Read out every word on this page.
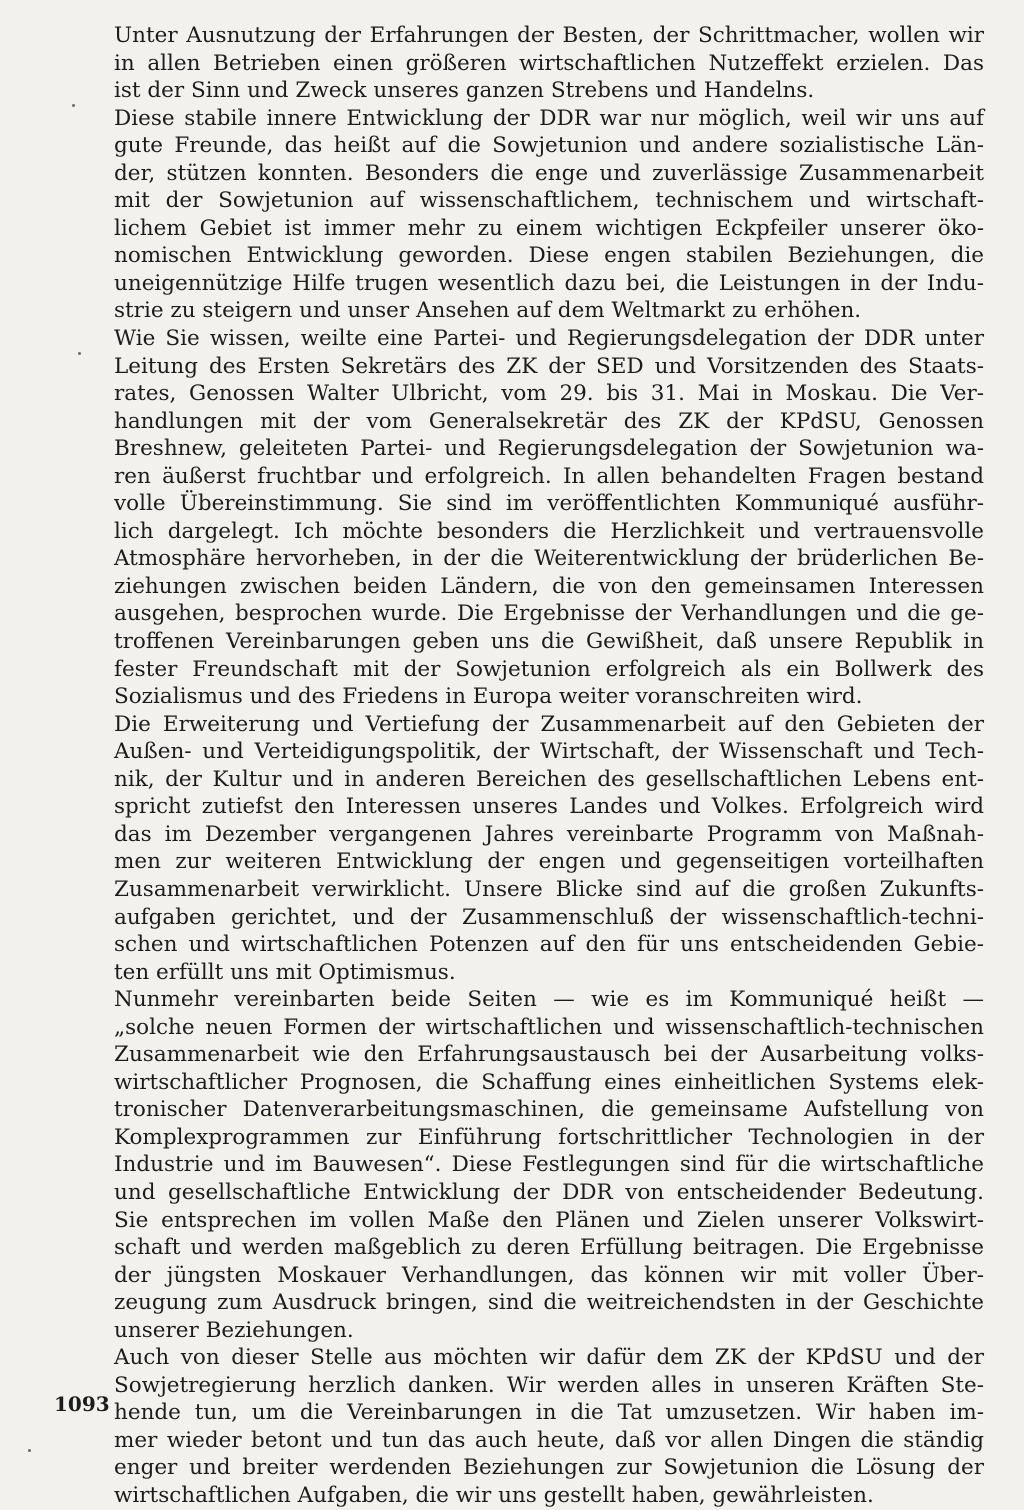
Unter Ausnutzung der Erfahrungen der Besten, der Schrittmacher, wollen wir
in allen Betrieben einen größeren wirtschaftlichen Nutzeffekt erzielen. Das
ist der Sinn und Zweck unseres ganzen Strebens und Handelns.
Diese stabile innere Entwicklung der DDR war nur möglich, weil wir uns auf
gute Freunde, das heißt auf die Sowjetunion und andere sozialistische Län-
der, stützen konnten. Besonders die enge und zuverlässige Zusammenarbeit
mit der Sowjetunion auf wissenschaftlichem, technischem und wirtschaft-
lichem Gebiet ist immer mehr zu einem wichtigen Eckpfeiler unserer öko-
nomischen Entwicklung geworden. Diese engen stabilen Beziehungen, die
uneigennützige Hilfe trugen wesentlich dazu bei, die Leistungen in der Indu-
strie zu steigern und unser Ansehen auf dem Weltmarkt zu erhöhen.
Wie Sie wissen, weilte eine Partei- und Regierungsdelegation der DDR unter
Leitung des Ersten Sekretärs des ZK der SED und Vorsitzenden des Staats-
rates, Genossen Walter Ulbricht, vom 29. bis 31. Mai in Moskau. Die Ver-
handlungen mit der vom Generalsekretär des ZK der KPdSU, Genossen
Breshnew, geleiteten Partei- und Regierungsdelegation der Sowjetunion wa-
ren äußerst fruchtbar und erfolgreich. In allen behandelten Fragen bestand
volle Übereinstimmung. Sie sind im veröffentlichten Kommuniqué ausführ-
lich dargelegt. Ich möchte besonders die Herzlichkeit und vertrauensvolle
Atmosphäre hervorheben, in der die Weiterentwicklung der brüderlichen Be-
ziehungen zwischen beiden Ländern, die von den gemeinsamen Interessen
ausgehen, besprochen wurde. Die Ergebnisse der Verhandlungen und die ge-
troffenen Vereinbarungen geben uns die Gewißheit, daß unsere Republik in
fester Freundschaft mit der Sowjetunion erfolgreich als ein Bollwerk des
Sozialismus und des Friedens in Europa weiter voranschreiten wird.
Die Erweiterung und Vertiefung der Zusammenarbeit auf den Gebieten der
Außen- und Verteidigungspolitik, der Wirtschaft, der Wissenschaft und Tech-
nik, der Kultur und in anderen Bereichen des gesellschaftlichen Lebens ent-
spricht zutiefst den Interessen unseres Landes und Volkes. Erfolgreich wird
das im Dezember vergangenen Jahres vereinbarte Programm von Maßnah-
men zur weiteren Entwicklung der engen und gegenseitigen vorteilhaften
Zusammenarbeit verwirklicht. Unsere Blicke sind auf die großen Zukunfts-
aufgaben gerichtet, und der Zusammenschluß der wissenschaftlich-techni-
schen und wirtschaftlichen Potenzen auf den für uns entscheidenden Gebie-
ten erfüllt uns mit Optimismus.
Nunmehr vereinbarten beide Seiten — wie es im Kommuniqué heißt —
„solche neuen Formen der wirtschaftlichen und wissenschaftlich-technischen
Zusammenarbeit wie den Erfahrungsaustausch bei der Ausarbeitung volks-
wirtschaftlicher Prognosen, die Schaffung eines einheitlichen Systems elek-
tronischer Datenverarbeitungsmaschinen, die gemeinsame Aufstellung von
Komplexprogrammen zur Einführung fortschrittlicher Technologien in der
Industrie und im Bauwesen“. Diese Festlegungen sind für die wirtschaftliche
und gesellschaftliche Entwicklung der DDR von entscheidender Bedeutung.
Sie entsprechen im vollen Maße den Plänen und Zielen unserer Volkswirt-
schaft und werden maßgeblich zu deren Erfüllung beitragen. Die Ergebnisse
der jüngsten Moskauer Verhandlungen, das können wir mit voller Über-
zeugung zum Ausdruck bringen, sind die weitreichendsten in der Geschichte
unserer Beziehungen.
Auch von dieser Stelle aus möchten wir dafür dem ZK der KPdSU und der
Sowjetregierung herzlich danken. Wir werden alles in unseren Kräften Ste-
hende tun, um die Vereinbarungen in die Tat umzusetzen. Wir haben im-
mer wieder betont und tun das auch heute, daß vor allen Dingen die ständig
enger und breiter werdenden Beziehungen zur Sowjetunion die Lösung der
wirtschaftlichen Aufgaben, die wir uns gestellt haben, gewährleisten.
1093
